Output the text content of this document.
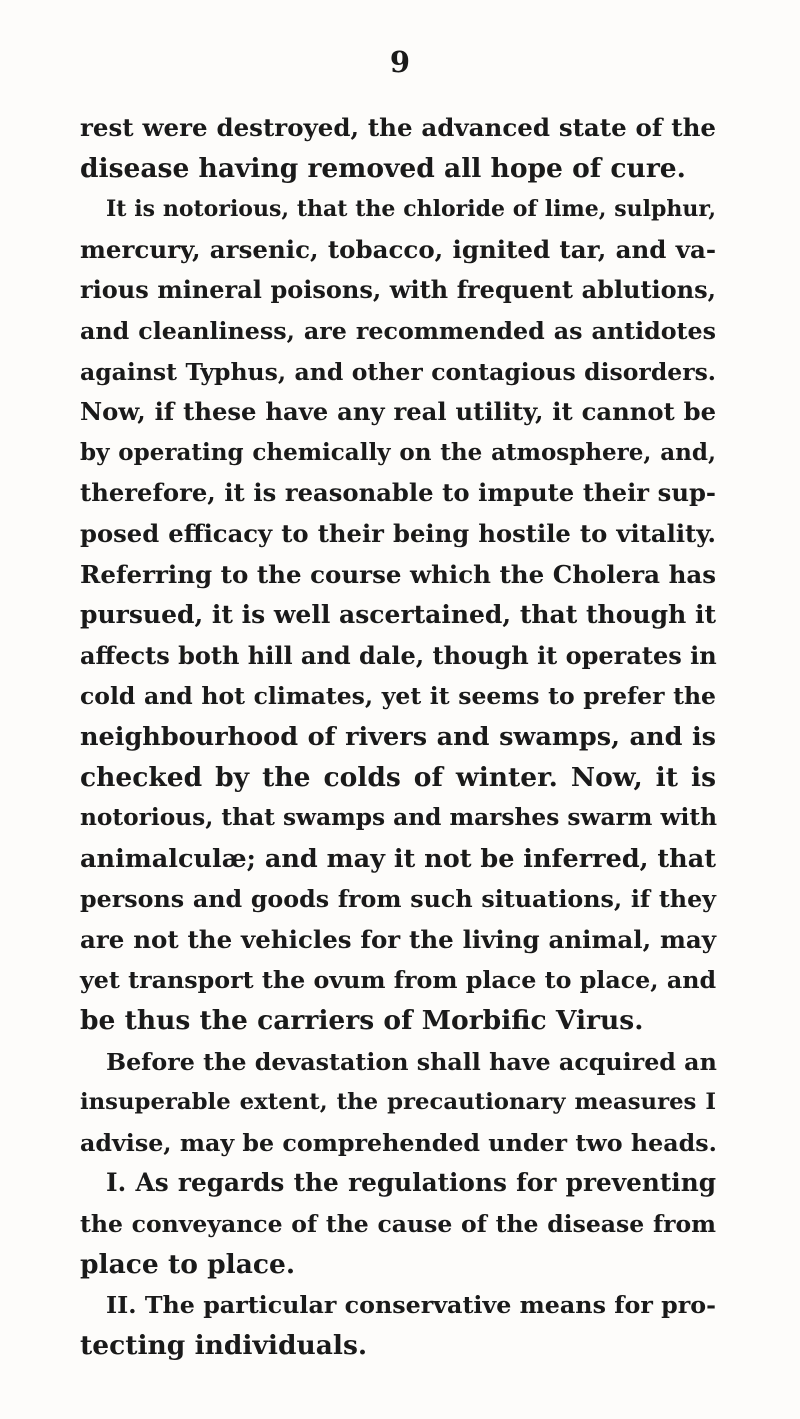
9
rest were destroyed, the advanced state of the
disease having removed all hope of cure.
It is notorious, that the chloride of lime, sulphur,
mercury, arsenic, tobacco, ignited tar, and va-
rious mineral poisons, with frequent ablutions,
and cleanliness, are recommended as antidotes
against Typhus, and other contagious disorders.
Now, if these have any real utility, it cannot be
by operating chemically on the atmosphere, and,
therefore, it is reasonable to impute their sup-
posed efficacy to their being hostile to vitality.
Referring to the course which the Cholera has
pursued, it is well ascertained, that though it
affects both hill and dale, though it operates in
cold and hot climates, yet it seems to prefer the
neighbourhood of rivers and swamps, and is
checked by the colds of winter. Now, it is
notorious, that swamps and marshes swarm with
animalculæ; and may it not be inferred, that
persons and goods from such situations, if they
are not the vehicles for the living animal, may
yet transport the ovum from place to place, and
be thus the carriers of Morbific Virus.
Before the devastation shall have acquired an
insuperable extent, the precautionary measures I
advise, may be comprehended under two heads.
I. As regards the regulations for preventing
the conveyance of the cause of the disease from
place to place.
II. The particular conservative means for pro-
tecting individuals.
